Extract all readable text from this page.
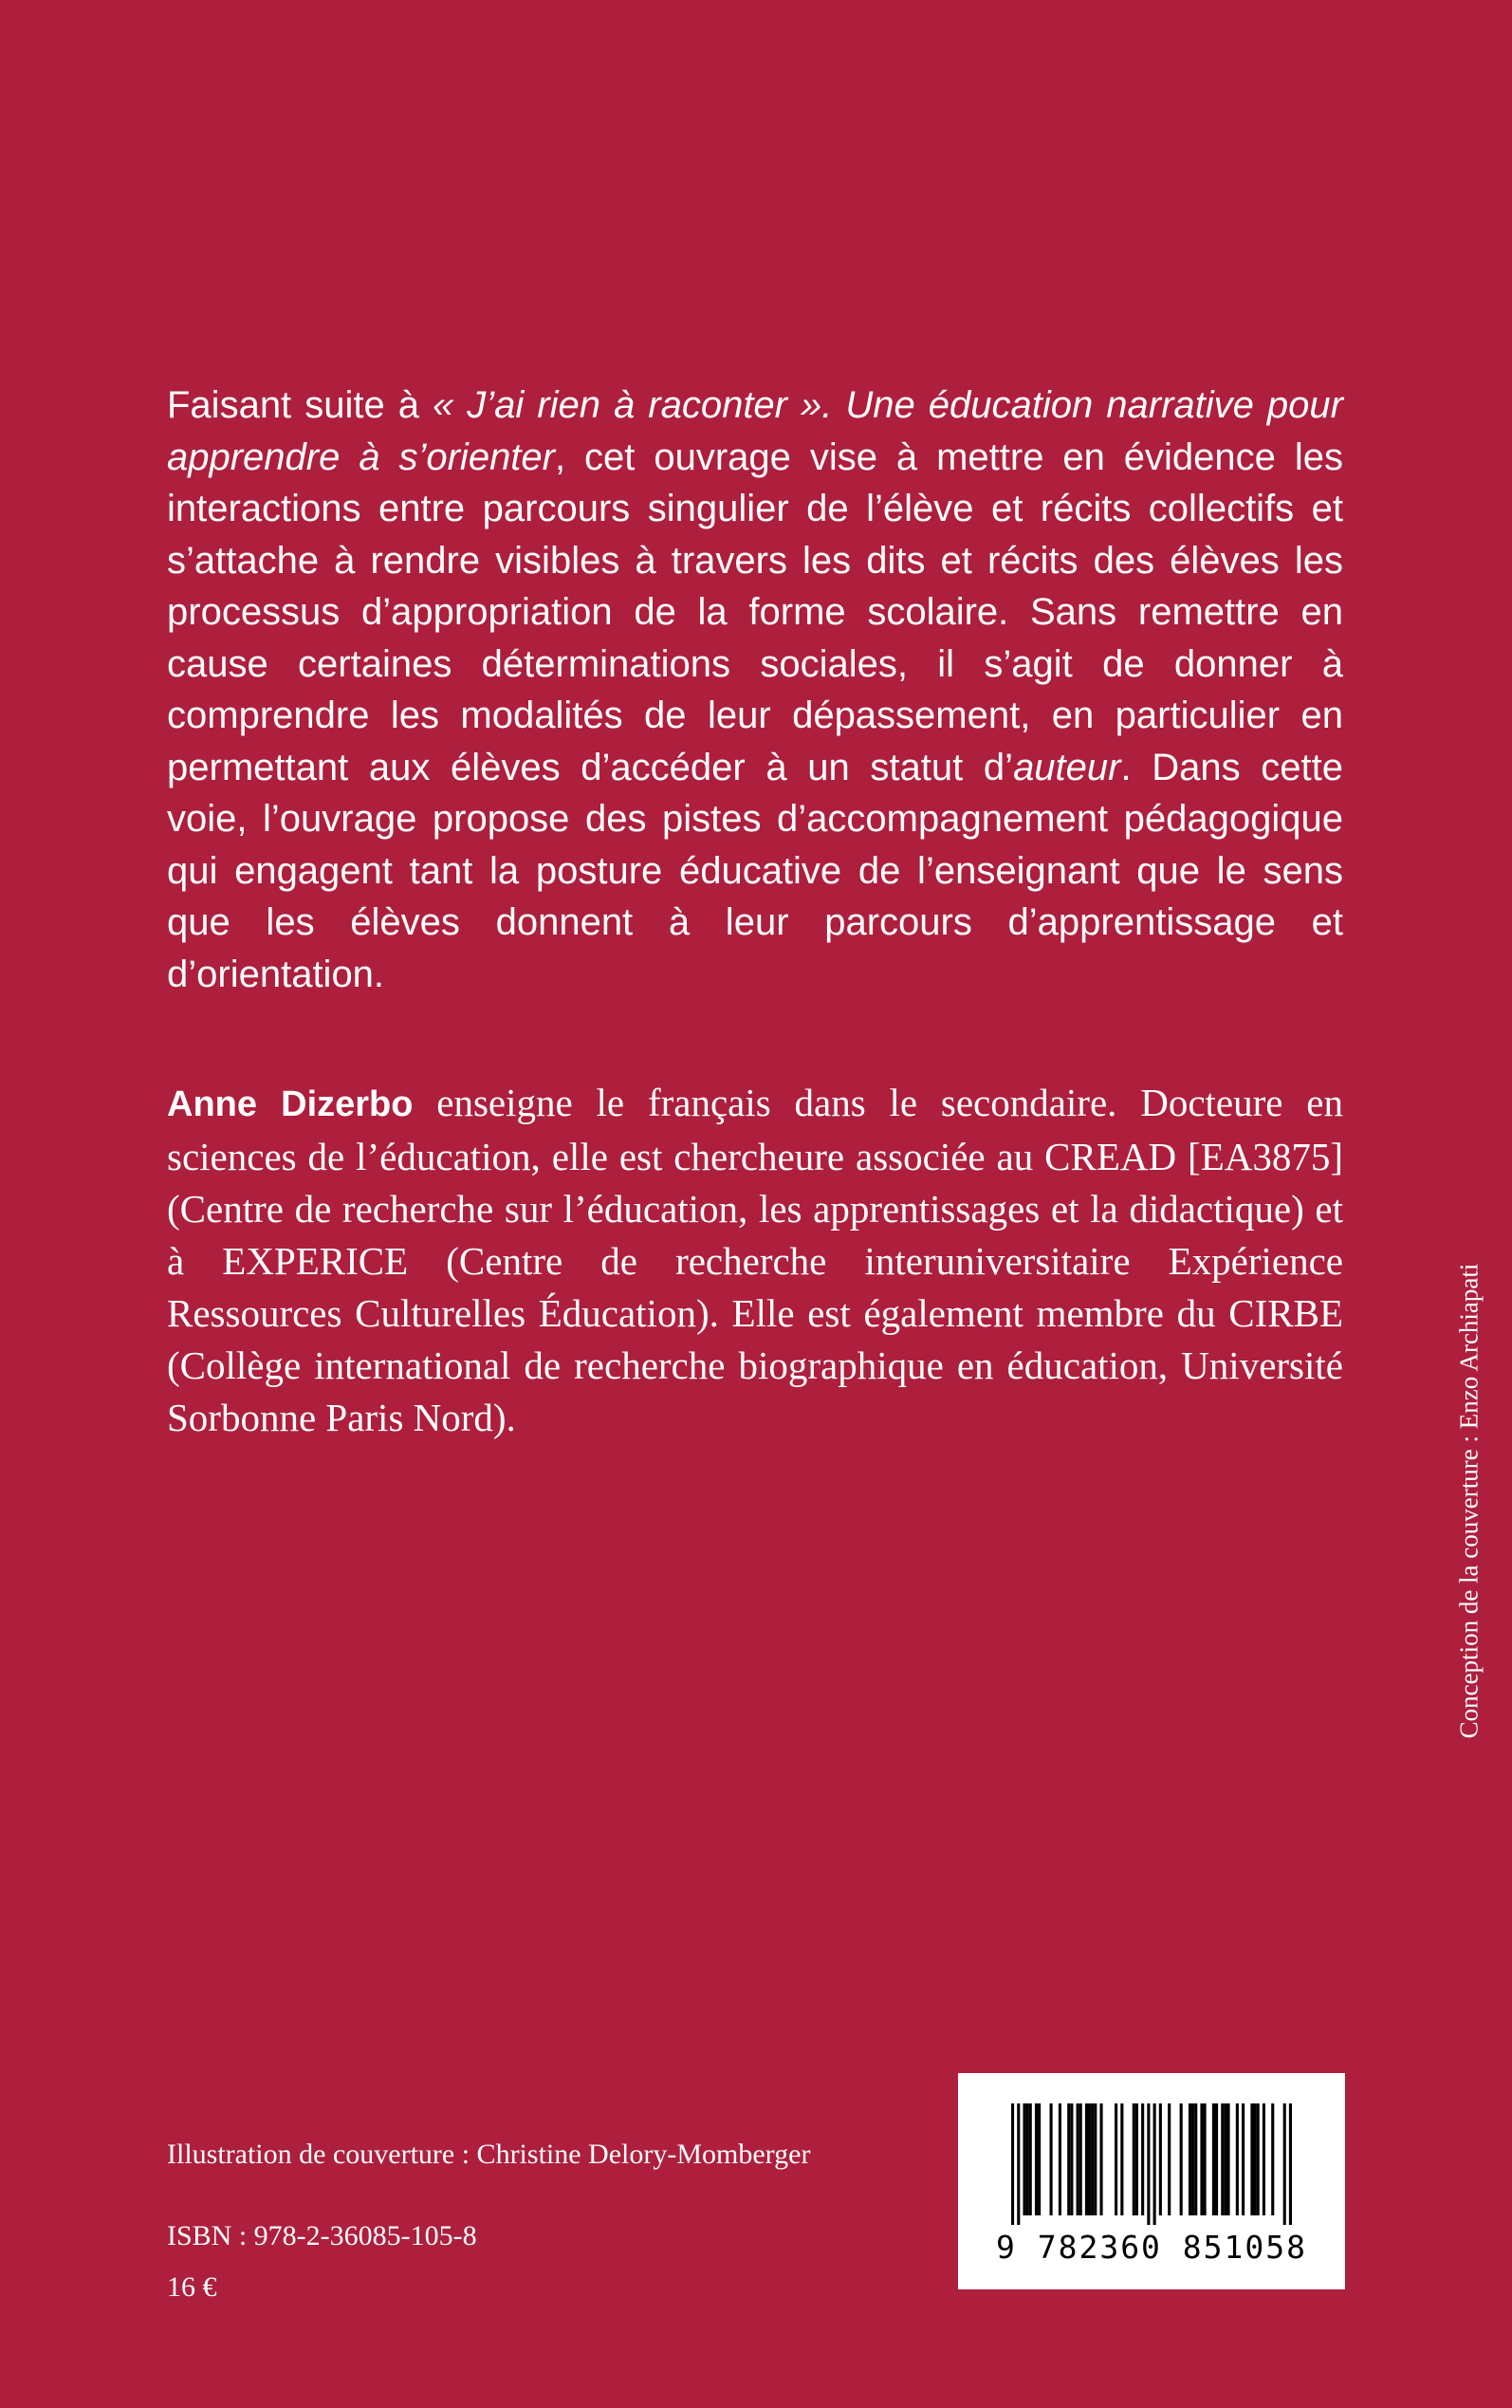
Faisant suite à « J’ai rien à raconter ». Une éducation narrative pour apprendre à s’orienter, cet ouvrage vise à mettre en évidence les interactions entre parcours singulier de l’élève et récits collectifs et s’attache à rendre visibles à travers les dits et récits des élèves les processus d’appropriation de la forme scolaire. Sans remettre en cause certaines déterminations sociales, il s’agit de donner à comprendre les modalités de leur dépassement, en particulier en permettant aux élèves d’accéder à un statut d’auteur. Dans cette voie, l’ouvrage propose des pistes d’accompagnement pédagogique qui engagent tant la posture éducative de l’enseignant que le sens que les élèves donnent à leur parcours d’apprentissage et d’orientation.

Anne Dizerbo enseigne le français dans le secondaire. Docteure en sciences de l’éducation, elle est chercheure associée au CREAD [EA3875] (Centre de recherche sur l’éducation, les apprentissages et la didactique) et à EXPERICE (Centre de recherche interuniversitaire Expérience Ressources Culturelles Éducation). Elle est également membre du CIRBE (Collège international de recherche biographique en éducation, Université Sorbonne Paris Nord).	Conception de la couverture : Enzo Archiapati
Illustration de couverture : Christine Delory-Momberger
ISBN : 978-2-36085-105-8
16 €
9 782360 851058
